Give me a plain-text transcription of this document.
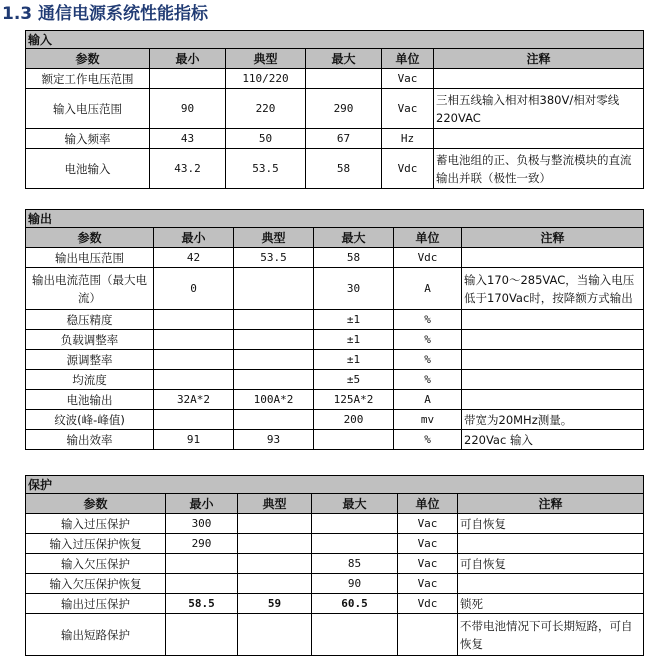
1.3 通信电源系统性能指标
输入					
参数	最小	典型	最大	单位	注释
额定工作电压范围		110/220		Vac	
输入电压范围	90	220	290	Vac	三相五线输入相对相380V/相对零线220VAC
输入频率	43	50	67	Hz	
电池输入	43.2	53.5	58	Vdc	蓄电池组的正、负极与整流模块的直流输出并联（极性一致）
输出					
参数	最小	典型	最大	单位	注释
输出电压范围	42	53.5	58	Vdc	
输出电流范围（最大电流）	0		30	A	输入170～285VAC，当输入电压低于170Vac时，按降额方式输出
稳压精度			±1	%	
负载调整率			±1	%	
源调整率			±1	%	
均流度			±5	%	
电池输出	32A*2	100A*2	125A*2	A	
纹波(峰-峰值)			200	mv	带宽为20MHz测量。
输出效率	91	93		%	220Vac 输入
保护					
参数	最小	典型	最大	单位	注释
输入过压保护	300			Vac	可自恢复
输入过压保护恢复	290			Vac	
输入欠压保护			85	Vac	可自恢复
输入欠压保护恢复			90	Vac	
输出过压保护	58.5	59	60.5	Vdc	锁死
输出短路保护					不带电池情况下可长期短路，可自恢复
